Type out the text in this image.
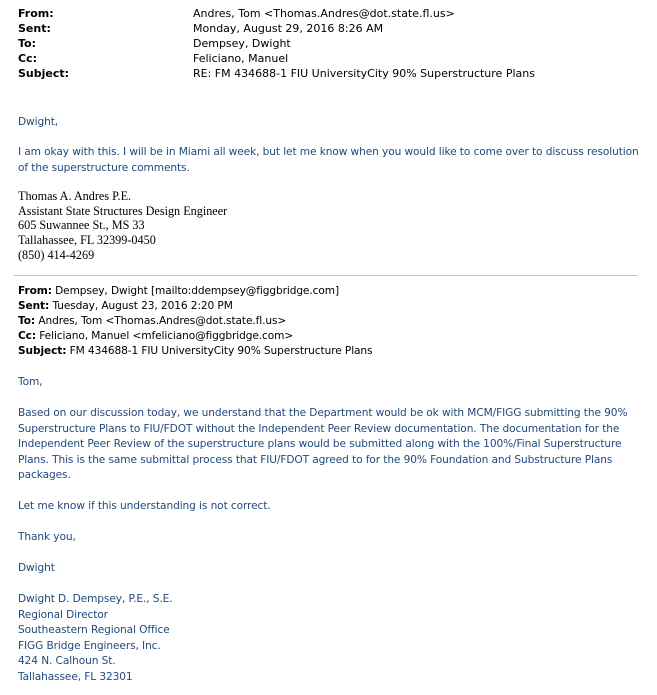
From:	Andres, Tom <Thomas.Andres@dot.state.fl.us>
Sent:	Monday, August 29, 2016 8:26 AM
To:	Dempsey, Dwight
Cc:	Feliciano, Manuel
Subject:	RE: FM 434688-1 FIU UniversityCity 90% Superstructure Plans
Dwight,
I am okay with this. I will be in Miami all week, but let me know when you would like to come over to discuss resolution
of the superstructure comments.
Thomas A. Andres P.E.
Assistant State Structures Design Engineer
605 Suwannee St., MS 33
Tallahassee, FL 32399-0450
(850) 414-4269
From: Dempsey, Dwight [mailto:ddempsey@figgbridge.com]
Sent: Tuesday, August 23, 2016 2:20 PM
To: Andres, Tom <Thomas.Andres@dot.state.fl.us>
Cc: Feliciano, Manuel <mfeliciano@figgbridge.com>
Subject: FM 434688-1 FIU UniversityCity 90% Superstructure Plans
Tom,
Based on our discussion today, we understand that the Department would be ok with MCM/FIGG submitting the 90%
Superstructure Plans to FIU/FDOT without the Independent Peer Review documentation. The documentation for the
Independent Peer Review of the superstructure plans would be submitted along with the 100%/Final Superstructure
Plans. This is the same submittal process that FIU/FDOT agreed to for the 90% Foundation and Substructure Plans
packages.
Let me know if this understanding is not correct.
Thank you,
Dwight
Dwight D. Dempsey, P.E., S.E.
Regional Director
Southeastern Regional Office
FIGG Bridge Engineers, Inc.
424 N. Calhoun St.
Tallahassee, FL 32301
